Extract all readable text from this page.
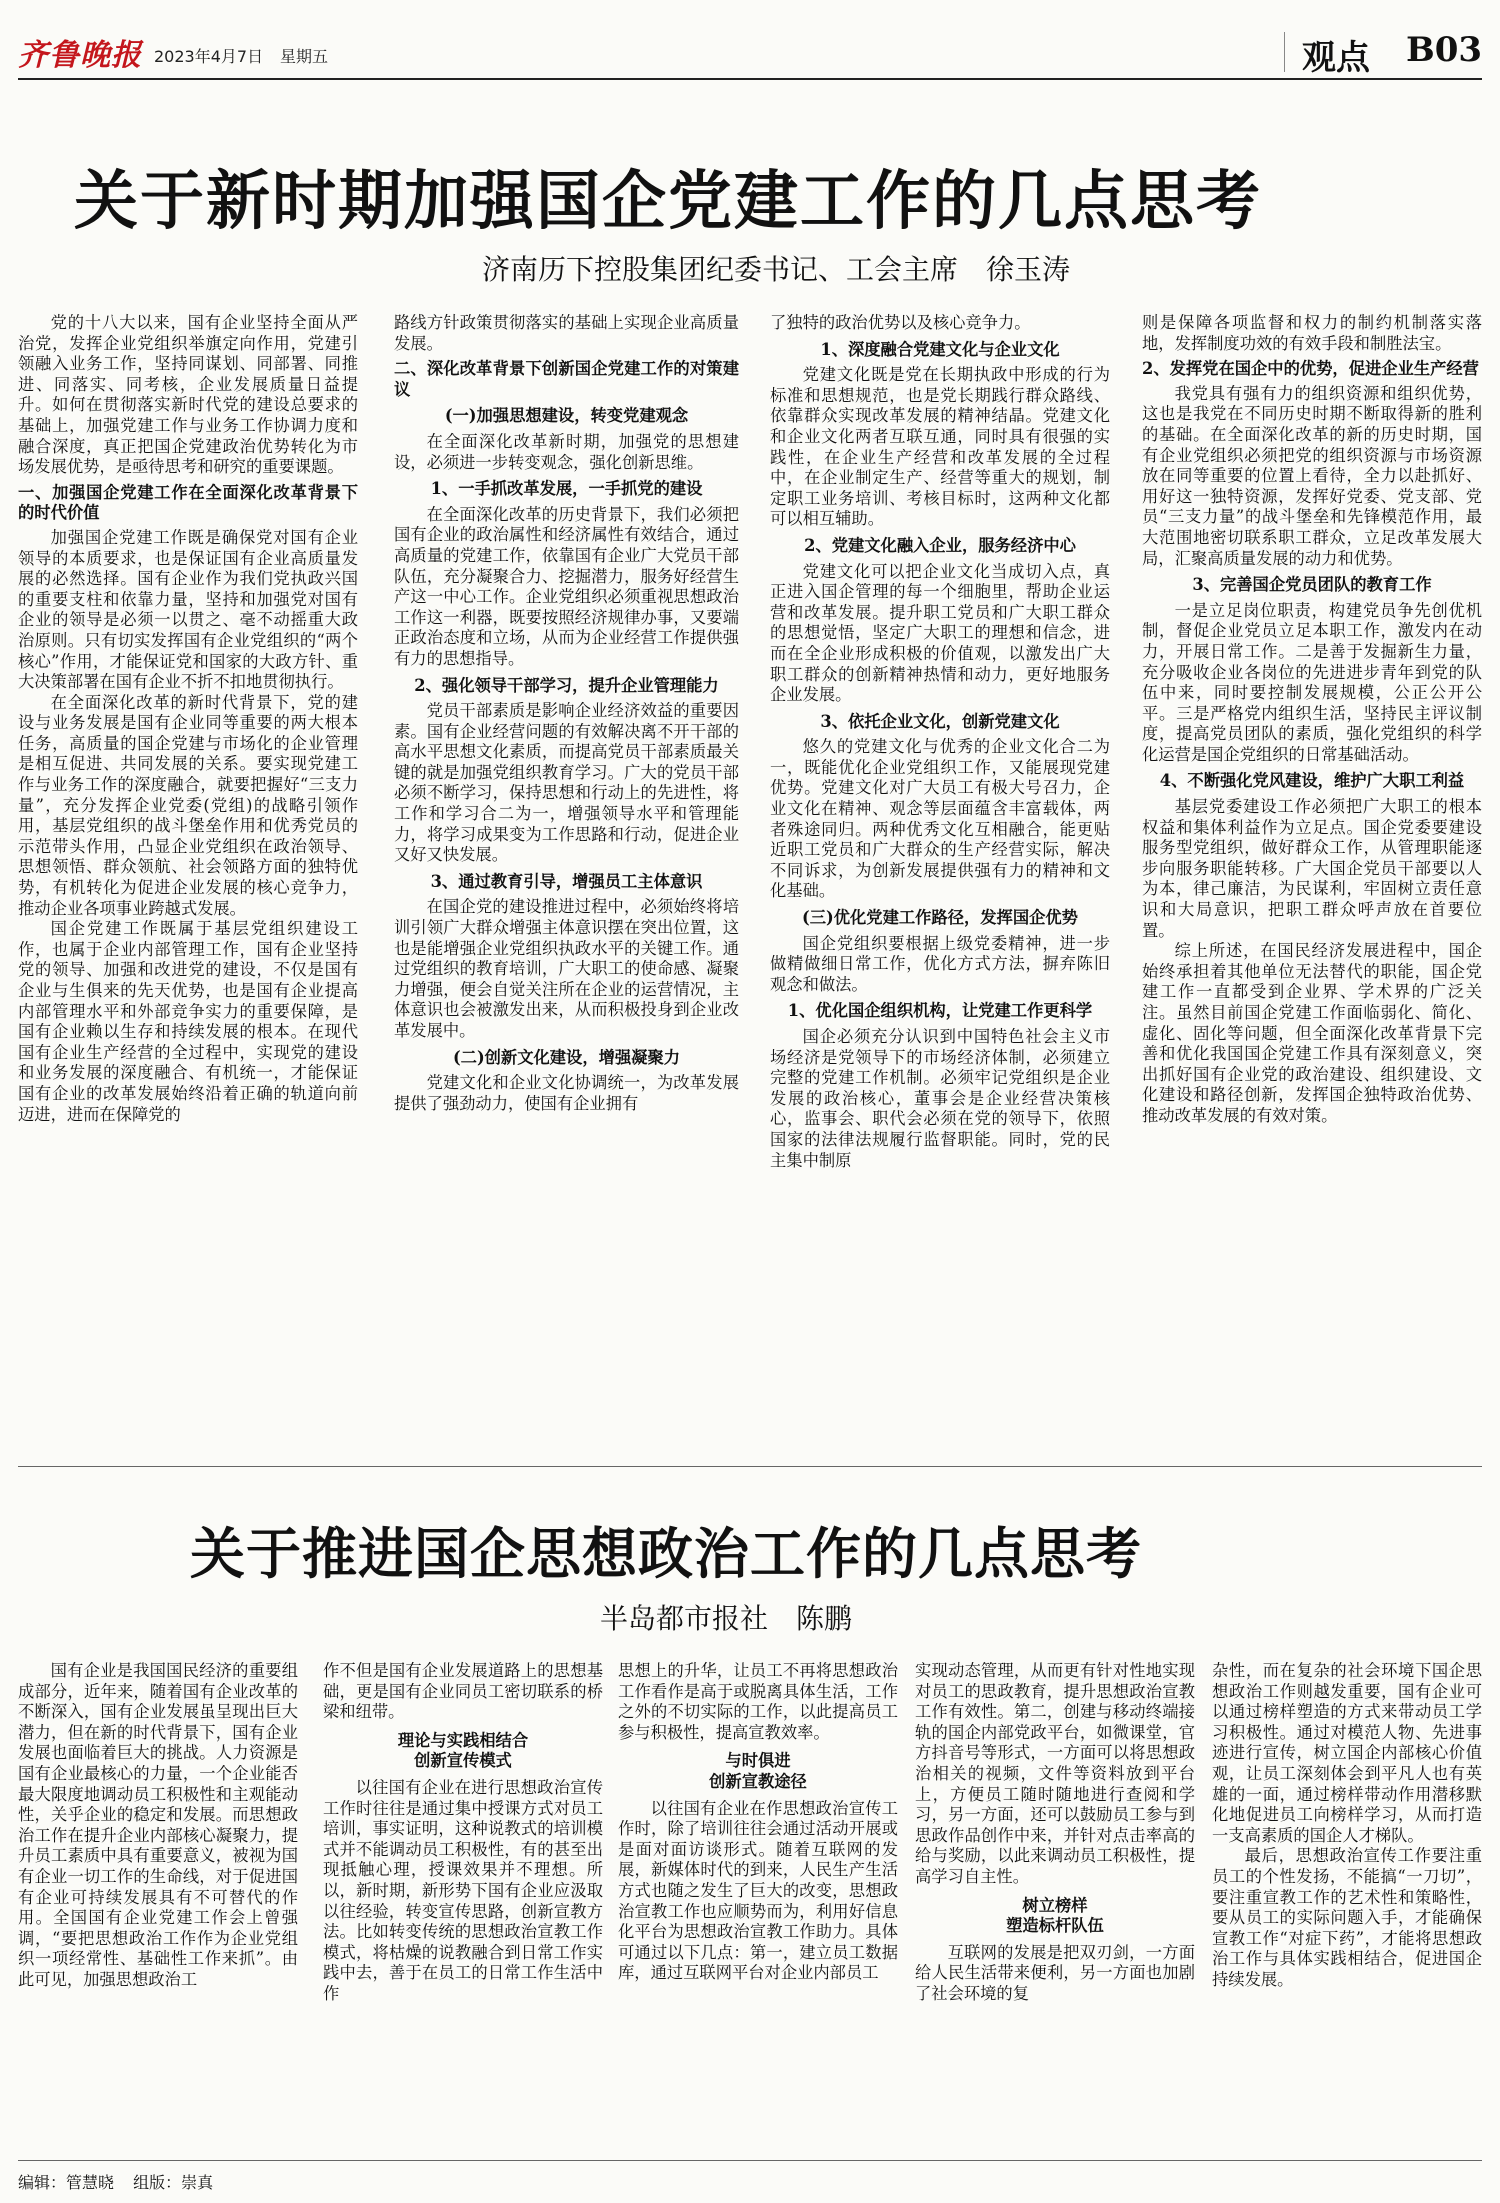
齐鲁晚报 2023年4月7日 星期五	观点 B03
关于新时期加强国企党建工作的几点思考
济南历下控股集团纪委书记、工会主席　徐玉涛

党的十八大以来，国有企业坚持全面从严治党，发挥企业党组织举旗定向作用，党建引领融入业务工作，坚持同谋划、同部署、同推进、同落实、同考核，企业发展质量日益提升。如何在贯彻落实新时代党的建设总要求的基础上，加强党建工作与业务工作协调力度和融合深度，真正把国企党建政治优势转化为市场发展优势，是亟待思考和研究的重要课题。

一、加强国企党建工作在全面深化改革背景下的时代价值

加强国企党建工作既是确保党对国有企业领导的本质要求，也是保证国有企业高质量发展的必然选择。国有企业作为我们党执政兴国的重要支柱和依靠力量，坚持和加强党对国有企业的领导是必须一以贯之、毫不动摇重大政治原则。只有切实发挥国有企业党组织的“两个核心”作用，才能保证党和国家的大政方针、重大决策部署在国有企业不折不扣地贯彻执行。

在全面深化改革的新时代背景下，党的建设与业务发展是国有企业同等重要的两大根本任务，高质量的国企党建与市场化的企业管理是相互促进、共同发展的关系。要实现党建工作与业务工作的深度融合，就要把握好“三支力量”，充分发挥企业党委(党组)的战略引领作用，基层党组织的战斗堡垒作用和优秀党员的示范带头作用，凸显企业党组织在政治领导、思想领悟、群众领航、社会领路方面的独特优势，有机转化为促进企业发展的核心竞争力，推动企业各项事业跨越式发展。

国企党建工作既属于基层党组织建设工作，也属于企业内部管理工作，国有企业坚持党的领导、加强和改进党的建设，不仅是国有企业与生俱来的先天优势，也是国有企业提高内部管理水平和外部竞争实力的重要保障，是国有企业赖以生存和持续发展的根本。在现代国有企业生产经营的全过程中，实现党的建设和业务发展的深度融合、有机统一，才能保证国有企业的改革发展始终沿着正确的轨道向前迈进，进而在保障党的

路线方针政策贯彻落实的基础上实现企业高质量发展。

二、深化改革背景下创新国企党建工作的对策建议

(一)加强思想建设，转变党建观念

在全面深化改革新时期，加强党的思想建设，必须进一步转变观念，强化创新思维。

1、一手抓改革发展，一手抓党的建设

在全面深化改革的历史背景下，我们必须把国有企业的政治属性和经济属性有效结合，通过高质量的党建工作，依靠国有企业广大党员干部队伍，充分凝聚合力、挖掘潜力，服务好经营生产这一中心工作。企业党组织必须重视思想政治工作这一利器，既要按照经济规律办事，又要端正政治态度和立场，从而为企业经营工作提供强有力的思想指导。

2、强化领导干部学习，提升企业管理能力

党员干部素质是影响企业经济效益的重要因素。国有企业经营问题的有效解决离不开干部的高水平思想文化素质，而提高党员干部素质最关键的就是加强党组织教育学习。广大的党员干部必须不断学习，保持思想和行动上的先进性，将工作和学习合二为一，增强领导水平和管理能力，将学习成果变为工作思路和行动，促进企业又好又快发展。

3、通过教育引导，增强员工主体意识

在国企党的建设推进过程中，必须始终将培训引领广大群众增强主体意识摆在突出位置，这也是能增强企业党组织执政水平的关键工作。通过党组织的教育培训，广大职工的使命感、凝聚力增强，便会自觉关注所在企业的运营情况，主体意识也会被激发出来，从而积极投身到企业改革发展中。

(二)创新文化建设，增强凝聚力

党建文化和企业文化协调统一，为改革发展提供了强劲动力，使国有企业拥有

了独特的政治优势以及核心竞争力。

1、深度融合党建文化与企业文化

党建文化既是党在长期执政中形成的行为标准和思想规范，也是党长期践行群众路线、依靠群众实现改革发展的精神结晶。党建文化和企业文化两者互联互通，同时具有很强的实践性，在企业生产经营和改革发展的全过程中，在企业制定生产、经营等重大的规划，制定职工业务培训、考核目标时，这两种文化都可以相互辅助。

2、党建文化融入企业，服务经济中心

党建文化可以把企业文化当成切入点，真正进入国企管理的每一个细胞里，帮助企业运营和改革发展。提升职工党员和广大职工群众的思想觉悟，坚定广大职工的理想和信念，进而在全企业形成积极的价值观，以激发出广大职工群众的创新精神热情和动力，更好地服务企业发展。

3、依托企业文化，创新党建文化

悠久的党建文化与优秀的企业文化合二为一，既能优化企业党组织工作，又能展现党建优势。党建文化对广大员工有极大号召力，企业文化在精神、观念等层面蕴含丰富载体，两者殊途同归。两种优秀文化互相融合，能更贴近职工党员和广大群众的生产经营实际，解决不同诉求，为创新发展提供强有力的精神和文化基础。

(三)优化党建工作路径，发挥国企优势

国企党组织要根据上级党委精神，进一步做精做细日常工作，优化方式方法，摒弃陈旧观念和做法。

1、优化国企组织机构，让党建工作更科学

国企必须充分认识到中国特色社会主义市场经济是党领导下的市场经济体制，必须建立完整的党建工作机制。必须牢记党组织是企业发展的政治核心，董事会是企业经营决策核心，监事会、职代会必须在党的领导下，依照国家的法律法规履行监督职能。同时，党的民主集中制原

则是保障各项监督和权力的制约机制落实落地，发挥制度功效的有效手段和制胜法宝。

2、发挥党在国企中的优势，促进企业生产经营

我党具有强有力的组织资源和组织优势，这也是我党在不同历史时期不断取得新的胜利的基础。在全面深化改革的新的历史时期，国有企业党组织必须把党的组织资源与市场资源放在同等重要的位置上看待，全力以赴抓好、用好这一独特资源，发挥好党委、党支部、党员“三支力量”的战斗堡垒和先锋模范作用，最大范围地密切联系职工群众，立足改革发展大局，汇聚高质量发展的动力和优势。

3、完善国企党员团队的教育工作

一是立足岗位职责，构建党员争先创优机制，督促企业党员立足本职工作，激发内在动力，开展日常工作。二是善于发掘新生力量，充分吸收企业各岗位的先进进步青年到党的队伍中来，同时要控制发展规模，公正公开公平。三是严格党内组织生活，坚持民主评议制度，提高党员团队的素质，强化党组织的科学化运营是国企党组织的日常基础活动。

4、不断强化党风建设，维护广大职工利益

基层党委建设工作必须把广大职工的根本权益和集体利益作为立足点。国企党委要建设服务型党组织，做好群众工作，从管理职能逐步向服务职能转移。广大国企党员干部要以人为本，律己廉洁，为民谋利，牢固树立责任意识和大局意识，把职工群众呼声放在首要位置。

综上所述，在国民经济发展进程中，国企始终承担着其他单位无法替代的职能，国企党建工作一直都受到企业界、学术界的广泛关注。虽然目前国企党建工作面临弱化、简化、虚化、固化等问题，但全面深化改革背景下完善和优化我国国企党建工作具有深刻意义，突出抓好国有企业党的政治建设、组织建设、文化建设和路径创新，发挥国企独特政治优势、推动改革发展的有效对策。

关于推进国企思想政治工作的几点思考
半岛都市报社　陈鹏

国有企业是我国国民经济的重要组成部分，近年来，随着国有企业改革的不断深入，国有企业发展虽呈现出巨大潜力，但在新的时代背景下，国有企业发展也面临着巨大的挑战。人力资源是国有企业最核心的力量，一个企业能否最大限度地调动员工积极性和主观能动性，关乎企业的稳定和发展。而思想政治工作在提升企业内部核心凝聚力，提升员工素质中具有重要意义，被视为国有企业一切工作的生命线，对于促进国有企业可持续发展具有不可替代的作用。全国国有企业党建工作会上曾强调，“要把思想政治工作作为企业党组织一项经常性、基础性工作来抓”。由此可见，加强思想政治工

作不但是国有企业发展道路上的思想基础，更是国有企业同员工密切联系的桥梁和纽带。

理论与实践相结合
创新宣传模式

以往国有企业在进行思想政治宣传工作时往往是通过集中授课方式对员工培训，事实证明，这种说教式的培训模式并不能调动员工积极性，有的甚至出现抵触心理，授课效果并不理想。所以，新时期，新形势下国有企业应汲取以往经验，转变宣传思路，创新宣教方法。比如转变传统的思想政治宣教工作模式，将枯燥的说教融合到日常工作实践中去，善于在员工的日常工作生活中作

思想上的升华，让员工不再将思想政治工作看作是高于或脱离具体生活，工作之外的不切实际的工作，以此提高员工参与积极性，提高宣教效率。

与时俱进
创新宣教途径

以往国有企业在作思想政治宣传工作时，除了培训往往会通过活动开展或是面对面访谈形式。随着互联网的发展，新媒体时代的到来，人民生产生活方式也随之发生了巨大的改变，思想政治宣教工作也应顺势而为，利用好信息化平台为思想政治宣教工作助力。具体可通过以下几点：第一，建立员工数据库，通过互联网平台对企业内部员工

实现动态管理，从而更有针对性地实现对员工的思政教育，提升思想政治宣教工作有效性。第二，创建与移动终端接轨的国企内部党政平台，如微课堂，官方抖音号等形式，一方面可以将思想政治相关的视频，文件等资料放到平台上，方便员工随时随地进行查阅和学习，另一方面，还可以鼓励员工参与到思政作品创作中来，并针对点击率高的给与奖励，以此来调动员工积极性，提高学习自主性。

树立榜样
塑造标杆队伍

互联网的发展是把双刃剑，一方面给人民生活带来便利，另一方面也加剧了社会环境的复

杂性，而在复杂的社会环境下国企思想政治工作则越发重要，国有企业可以通过榜样塑造的方式来带动员工学习积极性。通过对模范人物、先进事迹进行宣传，树立国企内部核心价值观，让员工深刻体会到平凡人也有英雄的一面，通过榜样带动作用潜移默化地促进员工向榜样学习，从而打造一支高素质的国企人才梯队。

最后，思想政治宣传工作要注重员工的个性发扬，不能搞“一刀切”，要注重宣教工作的艺术性和策略性，要从员工的实际问题入手，才能确保宣教工作“对症下药”，才能将思想政治工作与具体实践相结合，促进国企持续发展。

编辑：管慧晓 组版：崇真
